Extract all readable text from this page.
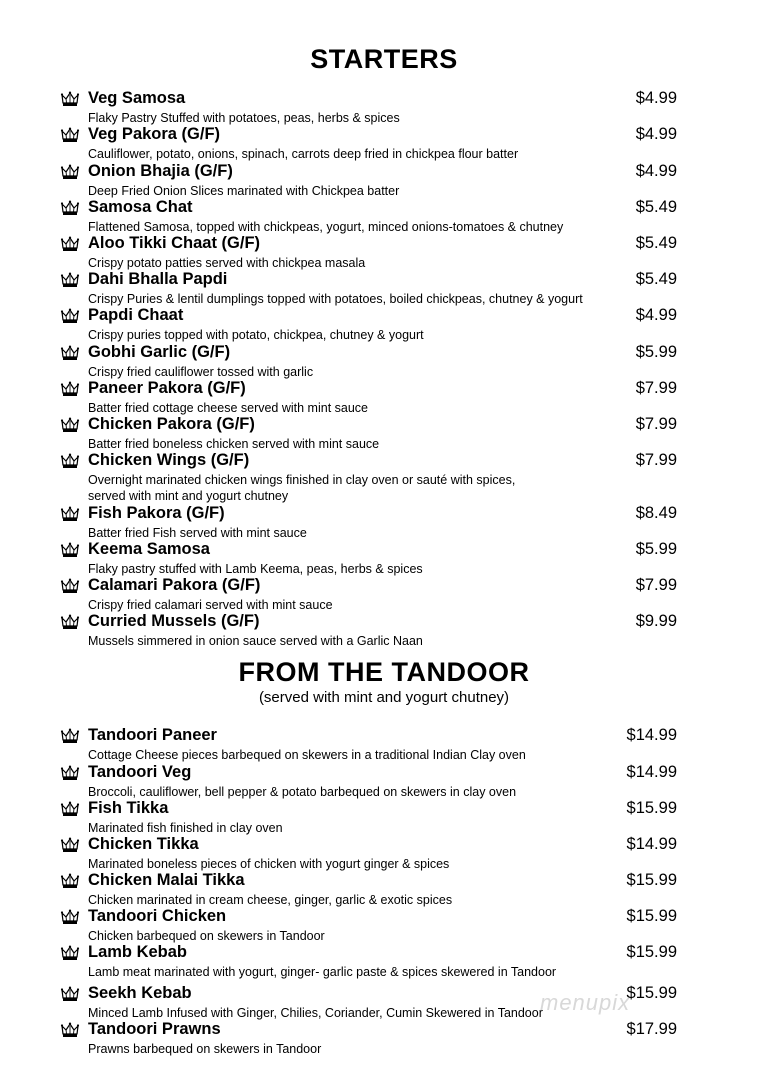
STARTERS
Veg Samosa	$4.99
Flaky Pastry Stuffed with potatoes, peas, herbs & spices
Veg Pakora (G/F)	$4.99
Cauliflower, potato, onions, spinach, carrots deep fried in chickpea flour batter
Onion Bhajia (G/F)	$4.99
Deep Fried Onion Slices marinated with Chickpea batter
Samosa Chat	$5.49
Flattened Samosa, topped with chickpeas, yogurt, minced onions-tomatoes & chutney
Aloo Tikki Chaat (G/F)	$5.49
Crispy potato patties served with chickpea masala
Dahi Bhalla Papdi	$5.49
Crispy Puries & lentil dumplings topped with potatoes, boiled chickpeas, chutney & yogurt
Papdi Chaat	$4.99
Crispy puries topped with potato, chickpea, chutney & yogurt
Gobhi Garlic (G/F)	$5.99
Crispy fried cauliflower tossed with garlic
Paneer Pakora (G/F)	$7.99
Batter fried cottage cheese served with mint sauce
Chicken Pakora (G/F)	$7.99
Batter fried boneless chicken served with mint sauce
Chicken Wings (G/F)	$7.99
Overnight marinated chicken wings finished in clay oven or sauté with spices,
served with mint and yogurt chutney
Fish Pakora (G/F)	$8.49
Batter fried Fish served with mint sauce
Keema Samosa	$5.99
Flaky pastry stuffed with Lamb Keema, peas, herbs & spices
Calamari Pakora (G/F)	$7.99
Crispy fried calamari served with mint sauce
Curried Mussels (G/F)	$9.99
Mussels simmered in onion sauce served with a Garlic Naan
FROM THE TANDOOR
(served with mint and yogurt chutney)
Tandoori Paneer	$14.99
Cottage Cheese pieces barbequed on skewers in a traditional Indian Clay oven
Tandoori Veg	$14.99
Broccoli, cauliflower, bell pepper & potato barbequed on skewers in clay oven
Fish Tikka	$15.99
Marinated fish finished in clay oven
Chicken Tikka	$14.99
Marinated boneless pieces of chicken with yogurt ginger & spices
Chicken Malai Tikka	$15.99
Chicken marinated in cream cheese, ginger, garlic & exotic spices
Tandoori Chicken	$15.99
Chicken barbequed on skewers in Tandoor
Lamb Kebab	$15.99
Lamb meat marinated with yogurt, ginger- garlic paste & spices skewered in Tandoor
Seekh Kebab	$15.99
Minced Lamb Infused with Ginger, Chilies, Coriander, Cumin Skewered in Tandoor
Tandoori Prawns	$17.99
Prawns barbequed on skewers in Tandoor
menupix
